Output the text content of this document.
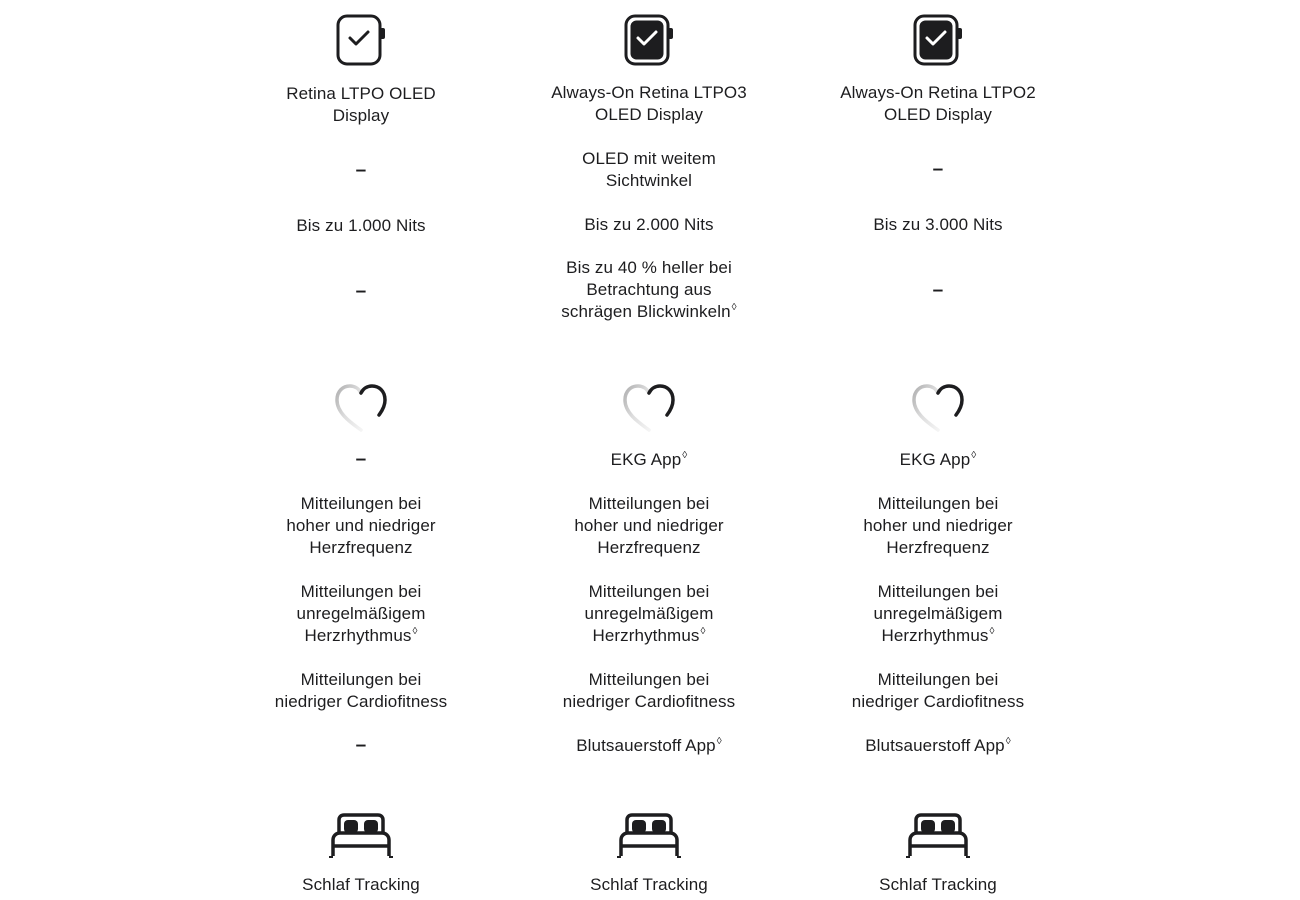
Retina LTPO OLED
Display
–
Bis zu 1.000 Nits
–
–
Mitteilungen bei
hoher und niedriger
Herzfrequenz
Mitteilungen bei
unregelmäßigem
Herzrhythmus◊
Mitteilungen bei
niedriger Cardiofitness
–
Schlaf Tracking
Always-On Retina LTPO3
OLED Display
OLED mit weitem
Sichtwinkel
Bis zu 2.000 Nits
Bis zu 40 % heller bei
Betrachtung aus
schrägen Blickwinkeln◊
EKG App◊
Mitteilungen bei
hoher und niedriger
Herzfrequenz
Mitteilungen bei
unregelmäßigem
Herzrhythmus◊
Mitteilungen bei
niedriger Cardiofitness
Blutsauerstoff App◊
Schlaf Tracking
Always-On Retina LTPO2
OLED Display
–
Bis zu 3.000 Nits
–
EKG App◊
Mitteilungen bei
hoher und niedriger
Herzfrequenz
Mitteilungen bei
unregelmäßigem
Herzrhythmus◊
Mitteilungen bei
niedriger Cardiofitness
Blutsauerstoff App◊
Schlaf Tracking
